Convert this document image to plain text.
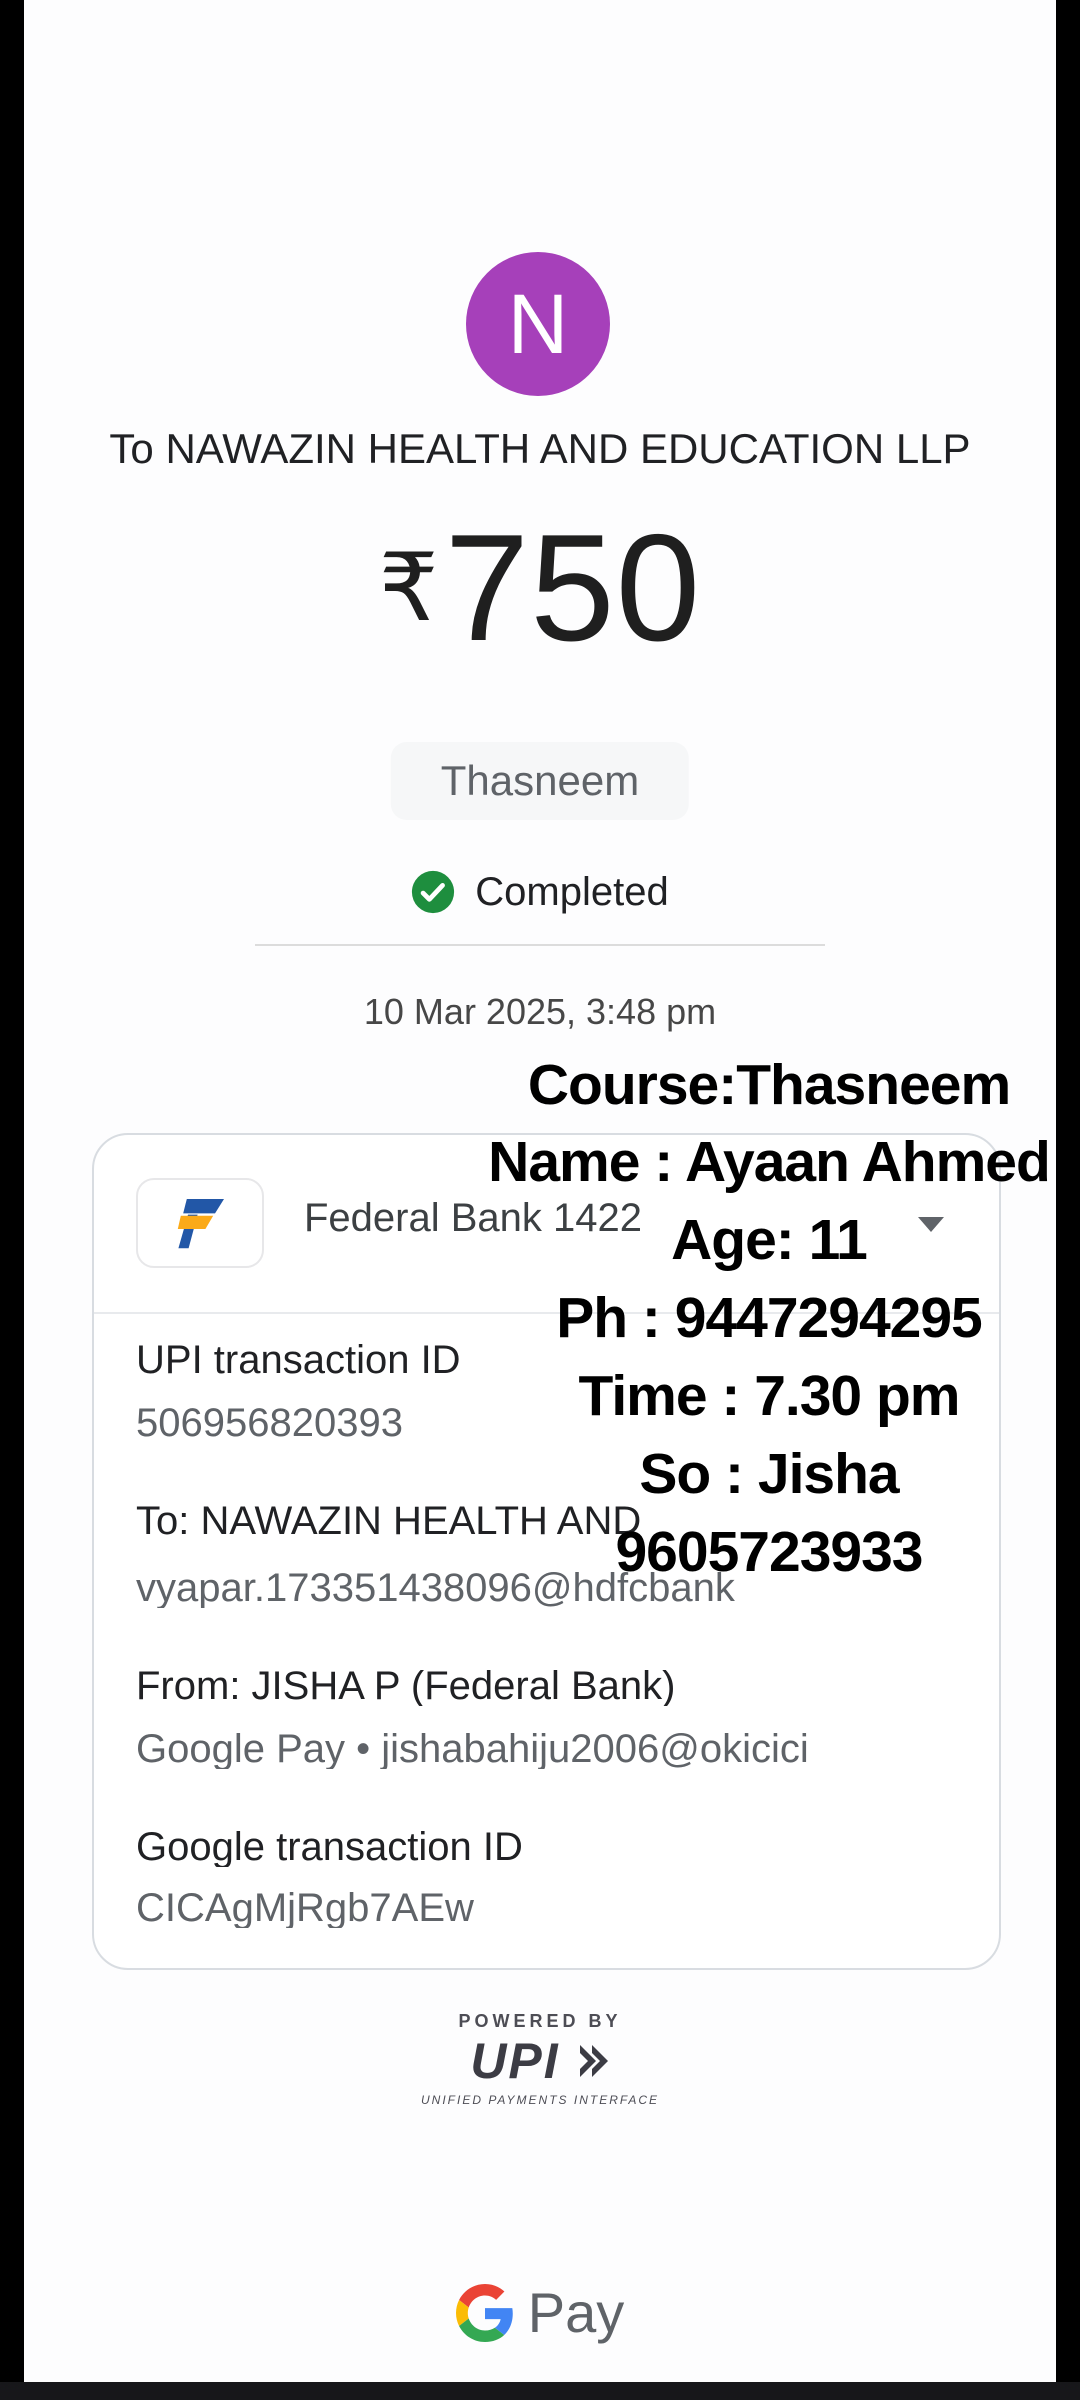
N
To NAWAZIN HEALTH AND EDUCATION LLP
₹ 750
Thasneem
Completed
10 Mar 2025, 3:48 pm
Course:Thasneem
Name : Ayaan Ahmed
Age: 11
Ph : 9447294295
Time : 7.30 pm
So : Jisha
9605723933
Federal Bank 1422
UPI transaction ID
506956820393
To: NAWAZIN HEALTH AND
vyapar.173351438096@hdfcbank
From: JISHA P (Federal Bank)
Google Pay • jishabahiju2006@okicici
Google transaction ID
CICAgMjRgb7AEw
POWERED BY
UPI
UNIFIED PAYMENTS INTERFACE
Pay
